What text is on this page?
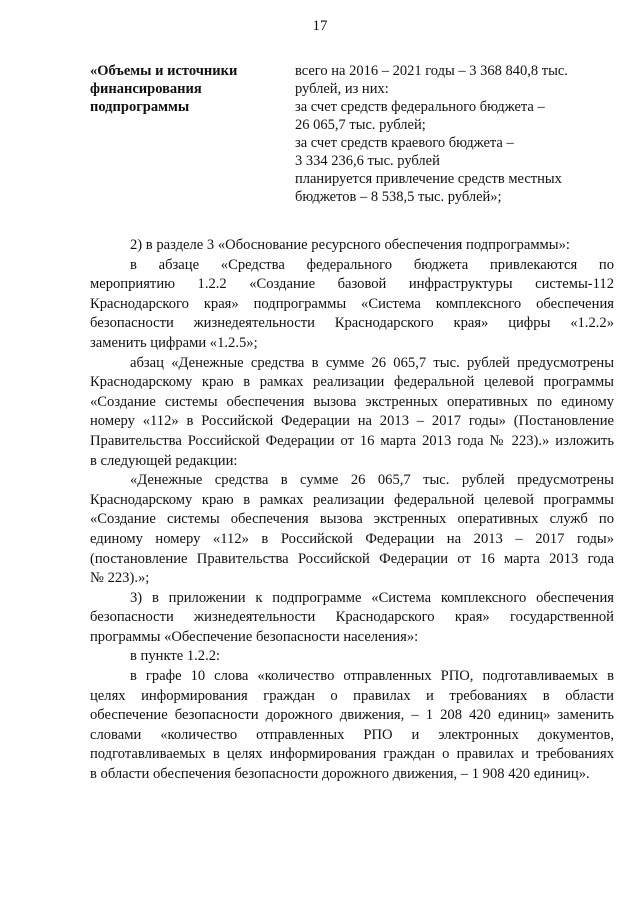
17
«Объемы и источники
финансирования
подпрограммы
всего на 2016 – 2021 годы – 3 368 840,8 тыс.
рублей, из них:
за счет средств федерального бюджета –
26 065,7 тыс. рублей;
за счет средств краевого бюджета –
3 334 236,6 тыс. рублей
планируется привлечение средств местных
бюджетов – 8 538,5 тыс. рублей»;
2) в разделе 3 «Обоснование ресурсного обеспечения подпрограммы»:
в абзаце «Средства федерального бюджета привлекаются по
мероприятию 1.2.2 «Создание базовой инфраструктуры системы-112
Краснодарского края» подпрограммы «Система комплексного обеспечения
безопасности жизнедеятельности Краснодарского края» цифры «1.2.2»
заменить цифрами «1.2.5»;
абзац «Денежные средства в сумме 26 065,7 тыс. рублей предусмотрены
Краснодарскому краю в рамках реализации федеральной целевой программы
«Создание системы обеспечения вызова экстренных оперативных по единому
номеру «112» в Российской Федерации на 2013 – 2017 годы» (Постановление
Правительства Российской Федерации от 16 марта 2013 года № 223).» изложить
в следующей редакции:
«Денежные средства в сумме 26 065,7 тыс. рублей предусмотрены
Краснодарскому краю в рамках реализации федеральной целевой программы
«Создание системы обеспечения вызова экстренных оперативных служб по
единому номеру «112» в Российской Федерации на 2013 – 2017 годы»
(постановление Правительства Российской Федерации от 16 марта 2013 года
№ 223).»;
3) в приложении к подпрограмме «Система комплексного обеспечения
безопасности жизнедеятельности Краснодарского края» государственной
программы «Обеспечение безопасности населения»:
в пункте 1.2.2:
в графе 10 слова «количество отправленных РПО, подготавливаемых в
целях информирования граждан о правилах и требованиях в области
обеспечение безопасности дорожного движения, – 1 208 420 единиц» заменить
словами «количество отправленных РПО и электронных документов,
подготавливаемых в целях информирования граждан о правилах и требованиях
в области обеспечения безопасности дорожного движения, – 1 908 420 единиц».
